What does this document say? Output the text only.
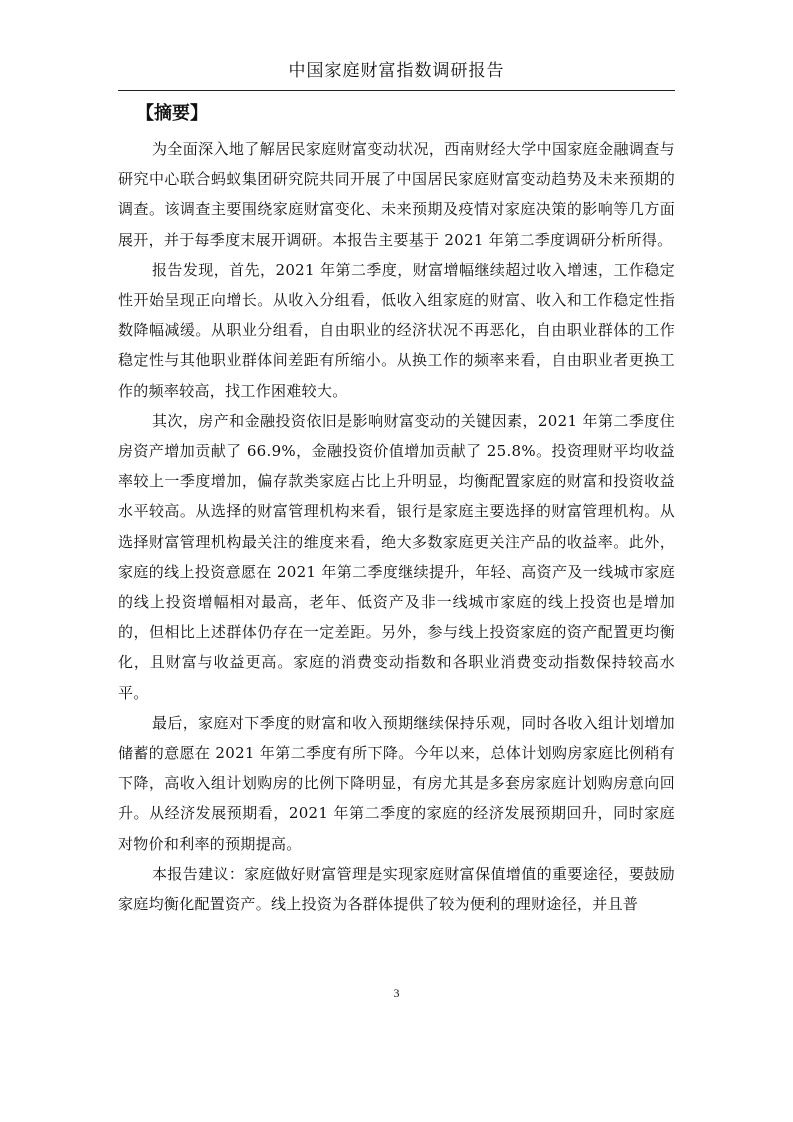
中国家庭财富指数调研报告
【摘要】

为全面深入地了解居民家庭财富变动状况，西南财经大学中国家庭金融调查与研究中心联合蚂蚁集团研究院共同开展了中国居民家庭财富变动趋势及未来预期的调查。该调查主要围绕家庭财富变化、未来预期及疫情对家庭决策的影响等几方面展开，并于每季度末展开调研。本报告主要基于 2021 年第二季度调研分析所得。

报告发现，首先，2021 年第二季度，财富增幅继续超过收入增速，工作稳定性开始呈现正向增长。从收入分组看，低收入组家庭的财富、收入和工作稳定性指数降幅减缓。从职业分组看，自由职业的经济状况不再恶化，自由职业群体的工作稳定性与其他职业群体间差距有所缩小。从换工作的频率来看，自由职业者更换工作的频率较高，找工作困难较大。

其次，房产和金融投资依旧是影响财富变动的关键因素，2021 年第二季度住房资产增加贡献了 66.9%，金融投资价值增加贡献了 25.8%。投资理财平均收益率较上一季度增加，偏存款类家庭占比上升明显，均衡配置家庭的财富和投资收益水平较高。从选择的财富管理机构来看，银行是家庭主要选择的财富管理机构。从选择财富管理机构最关注的维度来看，绝大多数家庭更关注产品的收益率。此外，家庭的线上投资意愿在 2021 年第二季度继续提升，年轻、高资产及一线城市家庭的线上投资增幅相对最高，老年、低资产及非一线城市家庭的线上投资也是增加的，但相比上述群体仍存在一定差距。另外，参与线上投资家庭的资产配置更均衡化，且财富与收益更高。家庭的消费变动指数和各职业消费变动指数保持较高水平。

最后，家庭对下季度的财富和收入预期继续保持乐观，同时各收入组计划增加储蓄的意愿在 2021 年第二季度有所下降。今年以来，总体计划购房家庭比例稍有下降，高收入组计划购房的比例下降明显，有房尤其是多套房家庭计划购房意向回升。从经济发展预期看，2021 年第二季度的家庭的经济发展预期回升，同时家庭对物价和利率的预期提高。

本报告建议：家庭做好财富管理是实现家庭财富保值增值的重要途径，要鼓励家庭均衡化配置资产。线上投资为各群体提供了较为便利的理财途径，并且普

3
